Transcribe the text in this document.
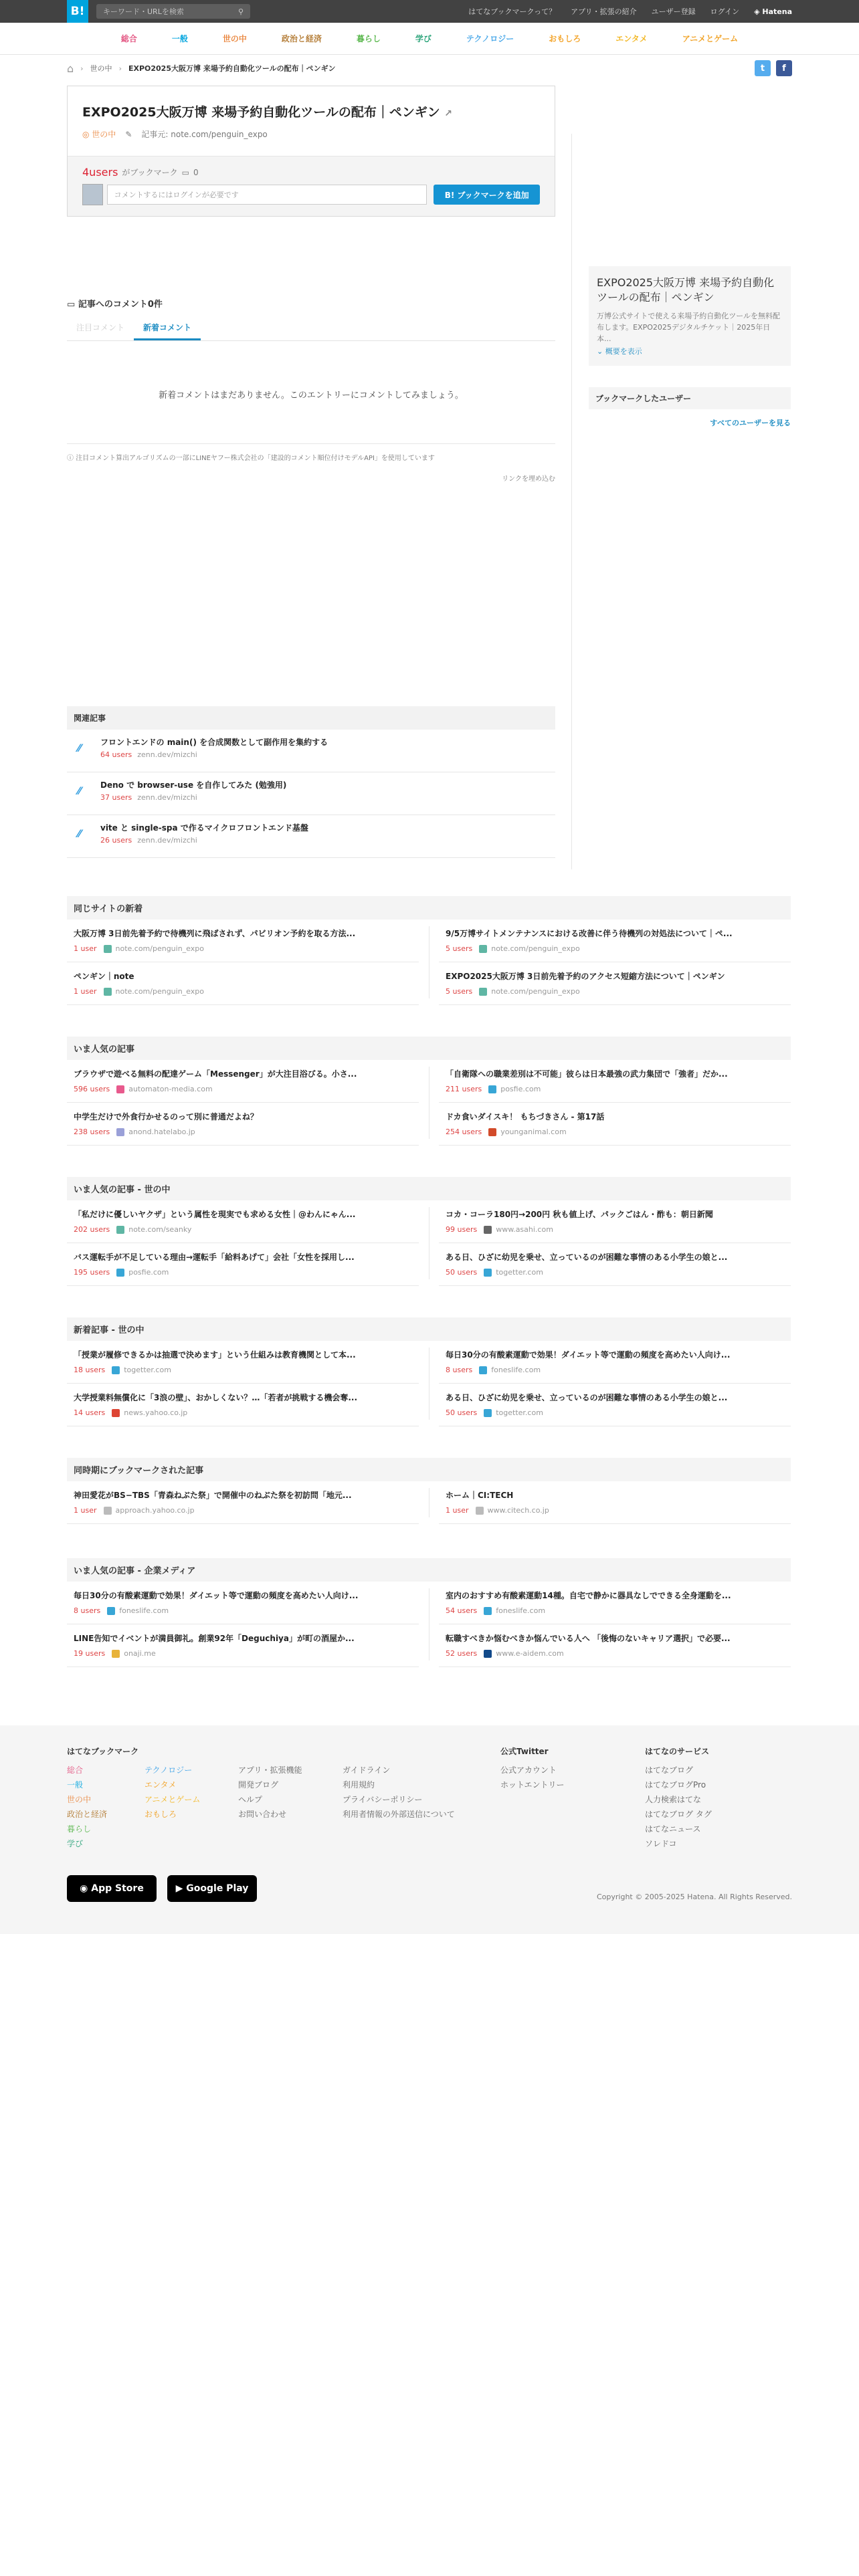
B!	キーワード・URLを検索	⚲	はてなブックマークって？ アプリ・拡張の紹介 ユーザー登録 ログイン ◈ Hatena
総合	一般	世の中	政治と経済	暮らし	学び	テクノロジー	おもしろ	エンタメ	アニメとゲーム
⌂ › 世の中 › EXPO2025大阪万博 来場予約自動化ツールの配布｜ペンギン	t	f
EXPO2025大阪万博 来場予約自動化ツールの配布｜ペンギン ↗
◎ 世の中 ✎ 記事元: note.com/penguin_expo
4users がブックマーク ▭ 0
コメントするにはログインが必要です	B! ブックマークを追加
▭ 記事へのコメント0件
注目コメント	新着コメント
新着コメントはまだありません。このエントリーにコメントしてみましょう。
ⓘ 注目コメント算出アルゴリズムの一部にLINEヤフー株式会社の「建設的コメント順位付けモデルAPI」を使用しています
リンクを埋め込む
関連記事
⁄⁄ フロントエンドの main() を合成関数として副作用を集約する
64 users zenn.dev/mizchi
⁄⁄ Deno で browser-use を自作してみた (勉強用)
37 users zenn.dev/mizchi
⁄⁄ vite と single-spa で作るマイクロフロントエンド基盤
26 users zenn.dev/mizchi
EXPO2025大阪万博 来場予約自動化ツールの配布｜ペンギン

万博公式サイトで使える来場予約自動化ツールを無料配布します。EXPO2025デジタルチケット｜2025年日本...

⌄ 概要を表示
ブックマークしたユーザー
すべてのユーザーを見る
同じサイトの新着
大阪万博 3日前先着予約で待機列に飛ばされず、パビリオン予約を取る方法...
1 user	note.com/penguin_expo
9/5万博サイトメンテナンスにおける改善に伴う待機列の対処法について｜ペ...
5 users	note.com/penguin_expo
ペンギン｜note
1 user	note.com/penguin_expo
EXPO2025大阪万博 3日前先着予約のアクセス短縮方法について｜ペンギン
5 users	note.com/penguin_expo
いま人気の記事
ブラウザで遊べる無料の配達ゲーム「Messenger」が大注目浴びる。小さ...
596 users	automaton-media.com
「自衛隊への職業差別は不可能」彼らは日本最強の武力集団で「強者」だか...
211 users	posfie.com
中学生だけで外食行かせるのって別に普通だよね？
238 users	anond.hatelabo.jp
ドカ食いダイスキ！ もちづきさん - 第17話
254 users	younganimal.com
いま人気の記事 - 世の中
「私だけに優しいヤクザ」という属性を現実でも求める女性｜@わんにゃん...
202 users	note.com/seanky
コカ・コーラ180円→200円 秋も値上げ、パックごはん・酢も：朝日新聞
99 users	www.asahi.com
バス運転手が不足している理由→運転手「給料あげて」会社「女性を採用し...
195 users	posfie.com
ある日、ひざに幼児を乗せ、立っているのが困難な事情のある小学生の娘と...
50 users	togetter.com
新着記事 - 世の中
「授業が履修できるかは抽選で決めます」という仕組みは教育機関として本...
18 users	togetter.com
毎日30分の有酸素運動で効果！ダイエット等で運動の頻度を高めたい人向け...
8 users	foneslife.com
大学授業料無償化に「3浪の壁」、おかしくない？…「若者が挑戦する機会奪...
14 users	news.yahoo.co.jp
ある日、ひざに幼児を乗せ、立っているのが困難な事情のある小学生の娘と...
50 users	togetter.com
同時期にブックマークされた記事
神田愛花がBS−TBS「青森ねぶた祭」で開催中のねぶた祭を初訪問「地元...
1 user	approach.yahoo.co.jp
ホーム｜CI:TECH
1 user	www.citech.co.jp
いま人気の記事 - 企業メディア
毎日30分の有酸素運動で効果！ダイエット等で運動の頻度を高めたい人向け...
8 users	foneslife.com
室内のおすすめ有酸素運動14種。自宅で静かに器具なしでできる全身運動を...
54 users	foneslife.com
LINE告知でイベントが満員御礼。創業92年「Deguchiya」が町の酒屋か...
19 users	onaji.me
転職すべきか悩むべきか悩んでいる人へ 「後悔のないキャリア選択」で必要...
52 users	www.e-aidem.com
はてなブックマーク
総合
一般
世の中
政治と経済
暮らし
学び
テクノロジー
エンタメ
アニメとゲーム
おもしろ
アプリ・拡張機能
開発ブログ
ヘルプ
お問い合わせ
ガイドライン
利用規約
プライバシーポリシー
利用者情報の外部送信について
公式Twitter
公式アカウント
ホットエントリー
はてなのサービス
はてなブログ
はてなブログPro
人力検索はてな
はてなブログ タグ
はてなニュース
ソレドコ
◉
App Store	▶
Google Play
Copyright © 2005-2025 Hatena. All Rights Reserved.
